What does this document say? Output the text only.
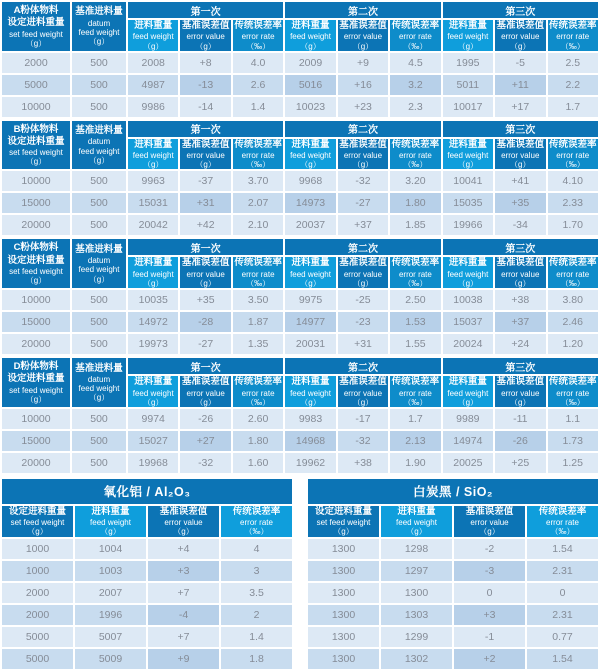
A粉体物料
设定进料重量
set feed weight
（g）

基准进料量
datum
feed weight
（g）
	第一次	第二次	第三次

进料重量
feed weight
（g）

基准误差值
error value
（g）

传统误差率
error rate
（‰）

进料重量
feed weight
（g）

基准误差值
error value
（g）

传统误差率
error rate
（‰）

进料重量
feed weight
（g）

基准误差值
error value
（g）

传统误差率
error rate
（‰）

2000	500	2008	+8	4.0	2009	+9	4.5	1995	-5	2.5
5000	500	4987	-13	2.6	5016	+16	3.2	5011	+11	2.2
10000	500	9986	-14	1.4	10023	+23	2.3	10017	+17	1.7
B粉体物料
设定进料重量
set feed weight
（g）

基准进料量
datum
feed weight
（g）
	第一次	第二次	第三次

进料重量
feed weight
（g）

基准误差值
error value
（g）

传统误差率
error rate
（‰）

进料重量
feed weight
（g）

基准误差值
error value
（g）

传统误差率
error rate
（‰）

进料重量
feed weight
（g）

基准误差值
error value
（g）

传统误差率
error rate
（‰）

10000	500	9963	-37	3.70	9968	-32	3.20	10041	+41	4.10
15000	500	15031	+31	2.07	14973	-27	1.80	15035	+35	2.33
20000	500	20042	+42	2.10	20037	+37	1.85	19966	-34	1.70
C粉体物料
设定进料重量
set feed weight
（g）

基准进料量
datum
feed weight
（g）
	第一次	第二次	第三次

进料重量
feed weight
（g）

基准误差值
error value
（g）

传统误差率
error rate
（‰）

进料重量
feed weight
（g）

基准误差值
error value
（g）

传统误差率
error rate
（‰）

进料重量
feed weight
（g）

基准误差值
error value
（g）

传统误差率
error rate
（‰）

10000	500	10035	+35	3.50	9975	-25	2.50	10038	+38	3.80
15000	500	14972	-28	1.87	14977	-23	1.53	15037	+37	2.46
20000	500	19973	-27	1.35	20031	+31	1.55	20024	+24	1.20
D粉体物料
设定进料重量
set feed weight
（g）

基准进料量
datum
feed weight
（g）
	第一次	第二次	第三次

进料重量
feed weight
（g）

基准误差值
error value
（g）

传统误差率
error rate
（‰）

进料重量
feed weight
（g）

基准误差值
error value
（g）

传统误差率
error rate
（‰）

进料重量
feed weight
（g）

基准误差值
error value
（g）

传统误差率
error rate
（‰）

10000	500	9974	-26	2.60	9983	-17	1.7	9989	-11	1.1
15000	500	15027	+27	1.80	14968	-32	2.13	14974	-26	1.73
20000	500	19968	-32	1.60	19962	+38	1.90	20025	+25	1.25
氧化铝 / Al₂O₃			

设定进料重量
set feed weight
（g）

进料重量
feed weight
（g）

基准误差值
error value
（g）

传统误差率
error rate
（‰）

1000	1004	+4	4
1000	1003	+3	3
2000	2007	+7	3.5
2000	1996	-4	2
5000	5007	+7	1.4
5000	5009	+9	1.8
白炭黑 / SiO₂			

设定进料重量
set feed weight
（g）

进料重量
feed weight
（g）

基准误差值
error value
（g）

传统误差率
error rate
（‰）

1300	1298	-2	1.54
1300	1297	-3	2.31
1300	1300	0	0
1300	1303	+3	2.31
1300	1299	-1	0.77
1300	1302	+2	1.54
